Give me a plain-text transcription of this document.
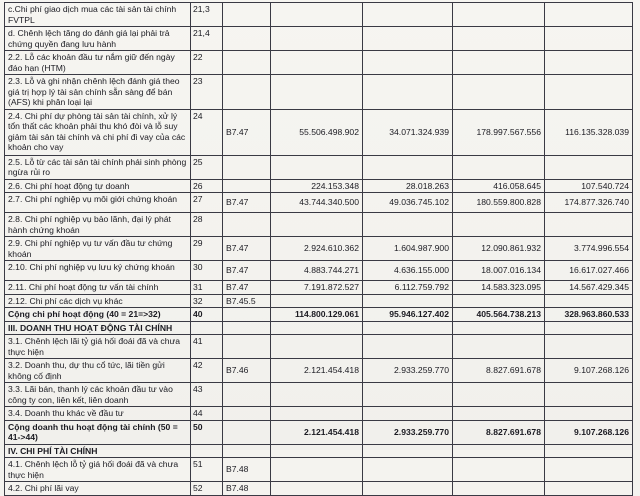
c.Chi phí giao dịch mua các tài sản tài chính FVTPL	21,3					
d. Chênh lệch tăng do đánh giá lại phải trả chứng quyền đang lưu hành	21,4					
2.2. Lỗ các khoản đầu tư nắm giữ đến ngày đáo hạn (HTM)	22					
2.3. Lỗ và ghi nhận chênh lệch đánh giá theo giá trị hợp lý tài sản chính sẵn sàng để bán (AFS) khi phân loại lại	23					
2.4. Chi phí dự phòng tài sản tài chính, xử lý tổn thất các khoản phải thu khó đòi và lỗ suy giảm tài sản tài chính và chi phí đi vay của các khoản cho vay	24	B7.47	55.506.498.902	34.071.324.939	178.997.567.556	116.135.328.039
2.5. Lỗ từ các tài sản tài chính phái sinh phòng ngừa rủi ro	25					
2.6. Chi phí hoạt động tự doanh	26		224.153.348	28.018.263	416.058.645	107.540.724
2.7. Chi phí nghiệp vụ môi giới chứng khoán	27	B7.47	43.744.340.500	49.036.745.102	180.559.800.828	174.877.326.740
2.8. Chi phí nghiệp vụ bảo lãnh, đại lý phát hành chứng khoán	28					
2.9. Chi phí nghiệp vụ tư vấn đầu tư chứng khoán	29	B7.47	2.924.610.362	1.604.987.900	12.090.861.932	3.774.996.554
2.10. Chi phí nghiệp vụ lưu ký chứng khoán	30	B7.47	4.883.744.271	4.636.155.000	18.007.016.134	16.617.027.466
2.11. Chi phí hoạt động tư vấn tài chính	31	B7.47	7.191.872.527	6.112.759.792	14.583.323.095	14.567.429.345
2.12. Chi phí các dịch vụ khác	32	B7.45.5				
Cộng chi phí hoạt động (40 = 21=>32)	40		114.800.129.061	95.946.127.402	405.564.738.213	328.963.860.533
III. DOANH THU HOẠT ĐỘNG TÀI CHÍNH						
3.1. Chênh lệch lãi tỷ giá hối đoái đã và chưa thực hiện	41					
3.2. Doanh thu, dự thu cổ tức, lãi tiền gửi không cố định	42	B7.46	2.121.454.418	2.933.259.770	8.827.691.678	9.107.268.126
3.3. Lãi bán, thanh lý các khoản đầu tư vào công ty con, liên kết, liên doanh	43					
3.4. Doanh thu khác về đầu tư	44					
Cộng doanh thu hoạt động tài chính (50 = 41->44)	50		2.121.454.418	2.933.259.770	8.827.691.678	9.107.268.126
IV. CHI PHÍ TÀI CHÍNH						
4.1. Chênh lệch lỗ tỷ giá hối đoái đã và chưa thực hiện	51	B7.48				
4.2. Chi phí lãi vay	52	B7.48				
